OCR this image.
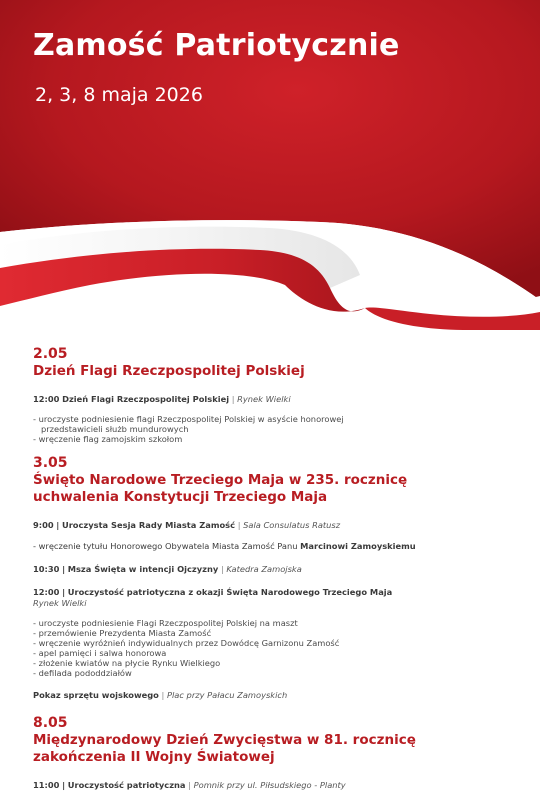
Zamość Patriotycznie
2, 3, 8 maja 2026
2.05
Dzień Flagi Rzeczpospolitej Polskiej
12:00 Dzień Flagi Rzeczpospolitej Polskiej | Rynek Wielki
- uroczyste podniesienie flagi Rzeczpospolitej Polskiej w asyście honorowej
przedstawicieli służb mundurowych
- wręczenie flag zamojskim szkołom
3.05
Święto Narodowe Trzeciego Maja w 235. rocznicę
uchwalenia Konstytucji Trzeciego Maja
9:00 | Uroczysta Sesja Rady Miasta Zamość | Sala Consulatus Ratusz
- wręczenie tytułu Honorowego Obywatela Miasta Zamość Panu Marcinowi Zamoyskiemu
10:30 | Msza Święta w intencji Ojczyzny | Katedra Zamojska
12:00 | Uroczystość patriotyczna z okazji Święta Narodowego Trzeciego Maja
Rynek Wielki
- uroczyste podniesienie Flagi Rzeczpospolitej Polskiej na maszt
- przemówienie Prezydenta Miasta Zamość
- wręczenie wyróżnień indywidualnych przez Dowódcę Garnizonu Zamość
- apel pamięci i salwa honorowa
- złożenie kwiatów na płycie Rynku Wielkiego
- defilada pododdziałów
Pokaz sprzętu wojskowego | Plac przy Pałacu Zamoyskich
8.05
Międzynarodowy Dzień Zwycięstwa w 81. rocznicę
zakończenia II Wojny Światowej
11:00 | Uroczystość patriotyczna | Pomnik przy ul. Piłsudskiego - Planty
